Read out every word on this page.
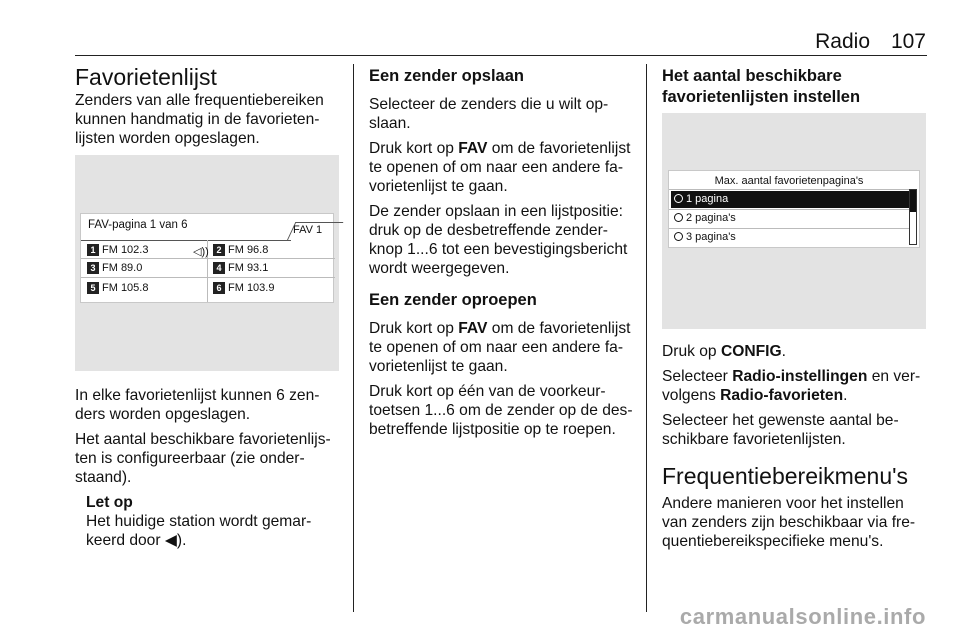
Radio 107
Favorietenlijst

Zenders van alle frequentiebereiken kunnen handmatig in de favorieten-lijsten worden opgeslagen.

FAV-pagina 1 van 6	FAV 1
1 FM 102.3	◁)) 2 FM 96.8
3 FM 89.0	4 FM 93.1
5 FM 105.8	6 FM 103.9

In elke favorietenlijst kunnen 6 zen-ders worden opgeslagen.

Het aantal beschikbare favorietenlijs-ten is configureerbaar (zie onder-staand).

Let op
Het huidige station wordt gemar-keerd door ◀).
Een zender opslaan

Selecteer de zenders die u wilt op-slaan.

Druk kort op FAV om de favorietenlijst te openen of om naar een andere fa-vorietenlijst te gaan.

De zender opslaan in een lijstpositie: druk op de desbetreffende zender-knop 1...6 tot een bevestigingsbericht wordt weergegeven.

Een zender oproepen

Druk kort op FAV om de favorietenlijst te openen of om naar een andere fa-vorietenlijst te gaan.

Druk kort op één van de voorkeur-toetsen 1...6 om de zender op de des-betreffende lijstpositie op te roepen.

Het aantal beschikbare favorietenlijsten instellen
Max. aantal favorietenpagina's
1 pagina
2 pagina's
3 pagina's

Druk op CONFIG.

Selecteer Radio-instellingen en ver-volgens Radio-favorieten.

Selecteer het gewenste aantal be-schikbare favorietenlijsten.

Frequentiebereikmenu's

Andere manieren voor het instellen van zenders zijn beschikbaar via fre-quentiebereikspecifieke menu's.

carmanualsonline.info
